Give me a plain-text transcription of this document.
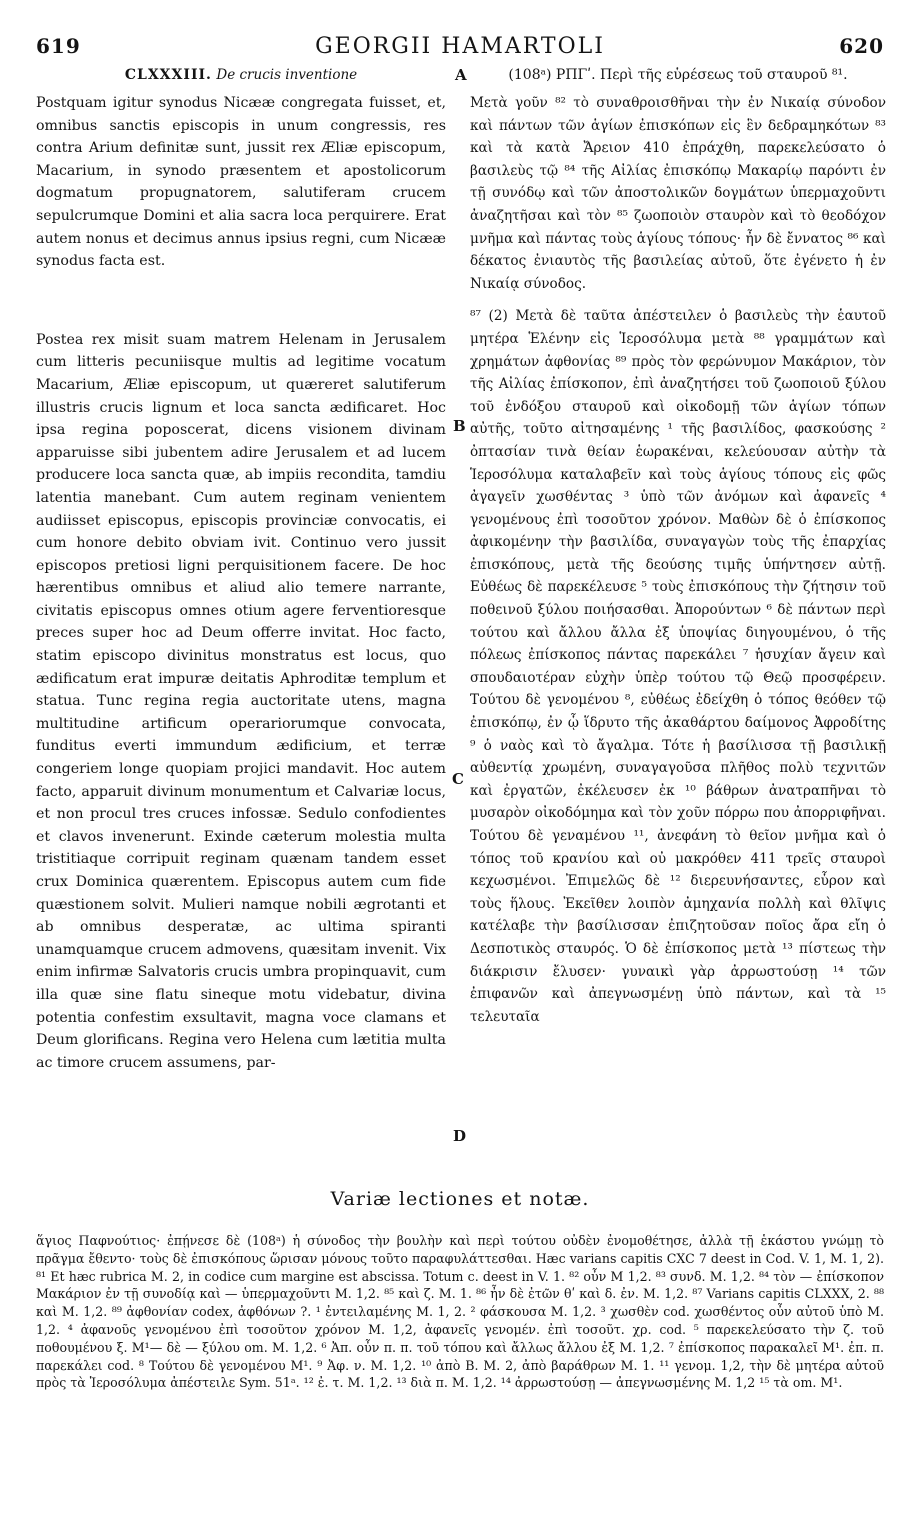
619	GEORGII HAMARTOLI	620
CLXXXIII. De crucis inventione

Postquam igitur synodus Nicææ congregata fuisset, et, omnibus sanctis episcopis in unum congressis, res contra Arium definitæ sunt, jussit rex Æliæ episcopum, Macarium, in synodo præsentem et apostolicorum dogmatum propugnatorem, salutiferam crucem sepulcrumque Domini et alia sacra loca perquirere. Erat autem nonus et decimus annus ipsius regni, cum Nicææ synodus facta est.

Postea rex misit suam matrem Helenam in Jerusalem cum litteris pecuniisque multis ad legitime vocatum Macarium, Æliæ episcopum, ut quæreret salutiferum illustris crucis lignum et loca sancta ædificaret. Hoc ipsa regina poposcerat, dicens visionem divinam apparuisse sibi jubentem adire Jerusalem et ad lucem producere loca sancta quæ, ab impiis recondita, tamdiu latentia manebant. Cum autem reginam venientem audiisset episcopus, episcopis provinciæ convocatis, ei cum honore debito obviam ivit. Continuo vero jussit episcopos pretiosi ligni perquisitionem facere. De hoc hærentibus omnibus et aliud alio temere narrante, civitatis episcopus omnes otium agere ferventioresque preces super hoc ad Deum offerre invitat. Hoc facto, statim episcopo divinitus monstratus est locus, quo ædificatum erat impuræ deitatis Aphroditæ templum et statua. Tunc regina regia auctoritate utens, magna multitudine artificum operariorumque convocata, funditus everti immundum ædificium, et terræ congeriem longe quopiam projici mandavit. Hoc autem facto, apparuit divinum monumentum et Calvariæ locus, et non procul tres cruces infossæ. Sedulo confodientes et clavos invenerunt. Exinde cæterum molestia multa tristitiaque corripuit reginam quænam tandem esset crux Dominica quærentem. Episcopus autem cum fide quæstionem solvit. Mulieri namque nobili ægrotanti et ab omnibus desperatæ, ac ultima spiranti unamquamque crucem admovens, quæsitam invenit. Vix enim infirmæ Salvatoris crucis umbra propinquavit, cum illa quæ sine flatu sineque motu videbatur, divina potentia confestim exsultavit, magna voce clamans et Deum glorificans. Regina vero Helena cum lætitia multa ac timore crucem assumens, par-

A
B
C
D
(108ᵃ) ΡΠΓʹ. Περὶ τῆς εὑρέσεως τοῦ σταυροῦ ⁸¹.

Μετὰ γοῦν ⁸² τὸ συναθροισθῆναι τὴν ἐν Νικαίᾳ σύνοδον καὶ πάντων τῶν ἁγίων ἐπισκόπων εἰς ἓν δεδραμηκότων ⁸³ καὶ τὰ κατὰ Ἄρειον 410 ἐπράχθη, παρεκελεύσατο ὁ βασιλεὺς τῷ ⁸⁴ τῆς Αἰλίας ἐπισκόπῳ Μακαρίῳ παρόντι ἐν τῇ συνόδῳ καὶ τῶν ἀποστολικῶν δογμάτων ὑπερμαχοῦντι ἀναζητῆσαι καὶ τὸν ⁸⁵ ζωοποιὸν σταυρὸν καὶ τὸ θεοδόχον μνῆμα καὶ πάντας τοὺς ἁγίους τόπους· ἦν δὲ ἔννατος ⁸⁶ καὶ δέκατος ἐνιαυτὸς τῆς βασιλείας αὐτοῦ, ὅτε ἐγένετο ἡ ἐν Νικαίᾳ σύνοδος.

⁸⁷ (2) Μετὰ δὲ ταῦτα ἀπέστειλεν ὁ βασιλεὺς τὴν ἑαυτοῦ μητέρα Ἑλένην εἰς Ἱεροσόλυμα μετὰ ⁸⁸ γραμμάτων καὶ χρημάτων ἀφθονίας ⁸⁹ πρὸς τὸν φερώνυμον Μακάριον, τὸν τῆς Αἰλίας ἐπίσκοπον, ἐπὶ ἀναζητήσει τοῦ ζωοποιοῦ ξύλου τοῦ ἐνδόξου σταυροῦ καὶ οἰκοδομῇ τῶν ἁγίων τόπων αὐτῆς, τοῦτο αἰτησαμένης ¹ τῆς βασιλίδος, φασκούσης ² ὀπτασίαν τινὰ θείαν ἑωρακέναι, κελεύουσαν αὐτὴν τὰ Ἱεροσόλυμα καταλαβεῖν καὶ τοὺς ἁγίους τόπους εἰς φῶς ἀγαγεῖν χωσθέντας ³ ὑπὸ τῶν ἀνόμων καὶ ἀφανεῖς ⁴ γενομένους ἐπὶ τοσοῦτον χρόνον. Μαθὼν δὲ ὁ ἐπίσκοπος ἀφικομένην τὴν βασιλίδα, συναγαγὼν τοὺς τῆς ἐπαρχίας ἐπισκόπους, μετὰ τῆς δεούσης τιμῆς ὑπήντησεν αὐτῇ. Εὐθέως δὲ παρεκέλευσε ⁵ τοὺς ἐπισκόπους τὴν ζήτησιν τοῦ ποθεινοῦ ξύλου ποιήσασθαι. Ἀπορούντων ⁶ δὲ πάντων περὶ τούτου καὶ ἄλλου ἄλλα ἐξ ὑποψίας διηγουμένου, ὁ τῆς πόλεως ἐπίσκοπος πάντας παρεκάλει ⁷ ἡσυχίαν ἄγειν καὶ σπουδαιοτέραν εὐχὴν ὑπὲρ τούτου τῷ Θεῷ προσφέρειν. Τούτου δὲ γενομένου ⁸, εὐθέως ἐδείχθη ὁ τόπος θεόθεν τῷ ἐπισκόπῳ, ἐν ᾧ ἵδρυτο τῆς ἀκαθάρτου δαίμονος Ἀφροδίτης ⁹ ὁ ναὸς καὶ τὸ ἄγαλμα. Τότε ἡ βασίλισσα τῇ βασιλικῇ αὐθεντίᾳ χρωμένη, συναγαγοῦσα πλῆθος πολὺ τεχνιτῶν καὶ ἐργατῶν, ἐκέλευσεν ἐκ ¹⁰ βάθρων ἀνατραπῆναι τὸ μυσαρὸν οἰκοδόμημα καὶ τὸν χοῦν πόρρω που ἀπορριφῆναι. Τούτου δὲ γεναμένου ¹¹, ἀνεφάνη τὸ θεῖον μνῆμα καὶ ὁ τόπος τοῦ κρανίου καὶ οὐ μακρόθεν 411 τρεῖς σταυροὶ κεχωσμένοι. Ἐπιμελῶς δὲ ¹² διερευνήσαντες, εὗρον καὶ τοὺς ἥλους. Ἐκεῖθεν λοιπὸν ἀμηχανία πολλὴ καὶ θλῖψις κατέλαβε τὴν βασίλισσαν ἐπιζητοῦσαν ποῖος ἄρα εἴη ὁ Δεσποτικὸς σταυρός. Ὁ δὲ ἐπίσκοπος μετὰ ¹³ πίστεως τὴν διάκρισιν ἔλυσεν· γυναικὶ γὰρ ἀρρωστούσῃ ¹⁴ τῶν ἐπιφανῶν καὶ ἀπεγνωσμένῃ ὑπὸ πάντων, καὶ τὰ ¹⁵ τελευταῖα

Variæ lectiones et notæ.
ἅγιος Παφνούτιος· ἐπῄνεσε δὲ (108ᵃ) ἡ σύνοδος τὴν βουλὴν καὶ περὶ τούτου οὐδὲν ἐνομοθέτησε, ἀλλὰ τῇ ἑκάστου γνώμῃ τὸ πρᾶγμα ἔθεντο· τοὺς δὲ ἐπισκόπους ὥρισαν μόνους τοῦτο παραφυλάττεσθαι. Hæc varians capitis CXC 7 deest in Cod. V. 1, M. 1, 2). ⁸¹ Et hæc rubrica M. 2, in codice cum margine est abscissa. Totum c. deest in V. 1. ⁸² οὖν M 1,2. ⁸³ συνδ. M. 1,2. ⁸⁴ τὸν — ἐπίσκοπον Μακάριον ἐν τῇ συνοδίᾳ καὶ — ὑπερμαχοῦντι M. 1,2. ⁸⁵ καὶ ζ. M. 1. ⁸⁶ ἦν δὲ ἐτῶν θʹ καὶ δ. ἐν. M. 1,2. ⁸⁷ Varians capitis CLXXX, 2. ⁸⁸ καὶ M. 1,2. ⁸⁹ ἀφθονίαν codex, ἀφθόνων ?. ¹ ἐντειλαμένης M. 1, 2. ² φάσκουσα M. 1,2. ³ χωσθὲν cod. χωσθέντος οὖν αὐτοῦ ὑπὸ M. 1,2. ⁴ ἀφανοῦς γενομένου ἐπὶ τοσοῦτον χρόνον M. 1,2, ἀφανεῖς γενομέν. ἐπὶ τοσοῦτ. χρ. cod. ⁵ παρεκελεύσατο τὴν ζ. τοῦ ποθουμένου ξ. M¹— δὲ — ξύλου om. M. 1,2. ⁶ Ἀπ. οὖν π. π. τοῦ τόπου καὶ ἄλλως ἄλλου ἐξ M. 1,2. ⁷ ἐπίσκοπος παρακαλεῖ M¹. ἐπ. π. παρεκάλει cod. ⁸ Τούτου δὲ γενομένου M¹. ⁹ Ἀφ. ν. M. 1,2. ¹⁰ ἀπὸ B. M. 2, ἀπὸ βαράθρων M. 1. ¹¹ γενομ. 1,2, τὴν δὲ μητέρα αὐτοῦ πρὸς τὰ Ἱεροσόλυμα ἀπέστειλε Sym. 51ᵃ. ¹² ἐ. τ. M. 1,2. ¹³ διὰ π. M. 1,2. ¹⁴ ἀρρωστούσῃ — ἀπεγνωσμένης M. 1,2 ¹⁵ τὰ om. M¹.
